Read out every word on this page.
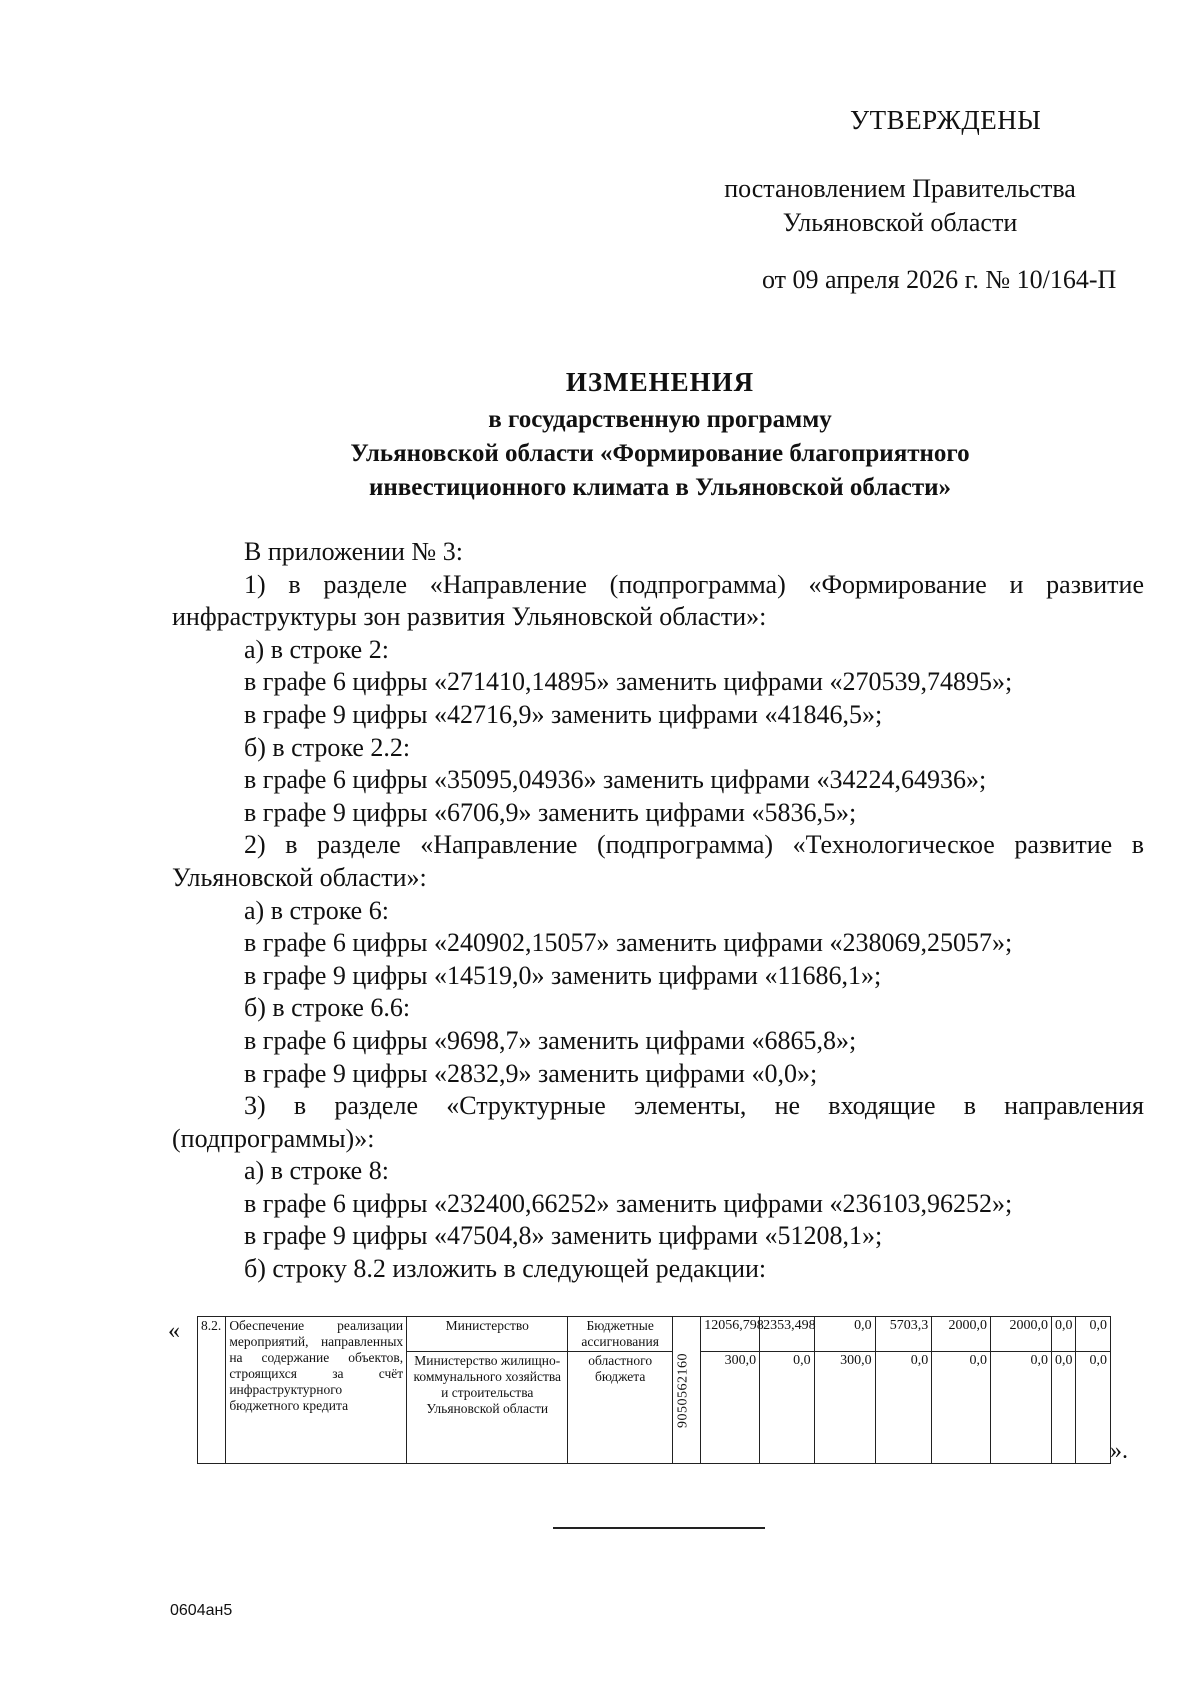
УТВЕРЖДЕНЫ
постановлением Правительства
Ульяновской области
от 09 апреля 2026 г. № 10/164-П
ИЗМЕНЕНИЯ
в государственную программу
Ульяновской области «Формирование благоприятного
инвестиционного климата в Ульяновской области»

В приложении № 3:

1) в разделе «Направление (подпрограмма) «Формирование и развитие инфраструктуры зон развития Ульяновской области»:

а) в строке 2:

в графе 6 цифры «271410,14895» заменить цифрами «270539,74895»;

в графе 9 цифры «42716,9» заменить цифрами «41846,5»;

б) в строке 2.2:

в графе 6 цифры «35095,04936» заменить цифрами «34224,64936»;

в графе 9 цифры «6706,9» заменить цифрами «5836,5»;

2) в разделе «Направление (подпрограмма) «Технологическое развитие в Ульяновской области»:

а) в строке 6:

в графе 6 цифры «240902,15057» заменить цифрами «238069,25057»;

в графе 9 цифры «14519,0» заменить цифрами «11686,1»;

б) в строке 6.6:

в графе 6 цифры «9698,7» заменить цифрами «6865,8»;

в графе 9 цифры «2832,9» заменить цифрами «0,0»;

3) в разделе «Структурные элементы, не входящие в направления (подпрограммы)»:

а) в строке 8:

в графе 6 цифры «232400,66252» заменить цифрами «236103,96252»;

в графе 9 цифры «47504,8» заменить цифрами «51208,1»;

б) строку 8.2 изложить в следующей редакции:

« 8.2.	Обеспечение реализации мероприятий, направленных на содержание объектов, строящихся за счёт инфраструктурного бюджетного кредита	Министерство	Бюджетные ассигнования	9050562160	12056,798	2353,498	0,0	5703,3	2000,0	2000,0	0,0	0,0
		Министерство жилищно-коммунального хозяйства и строительства Ульяновской области	областного бюджета		300,0	0,0	300,0	0,0	0,0	0,0	0,0	0,0
».
0604ан5
